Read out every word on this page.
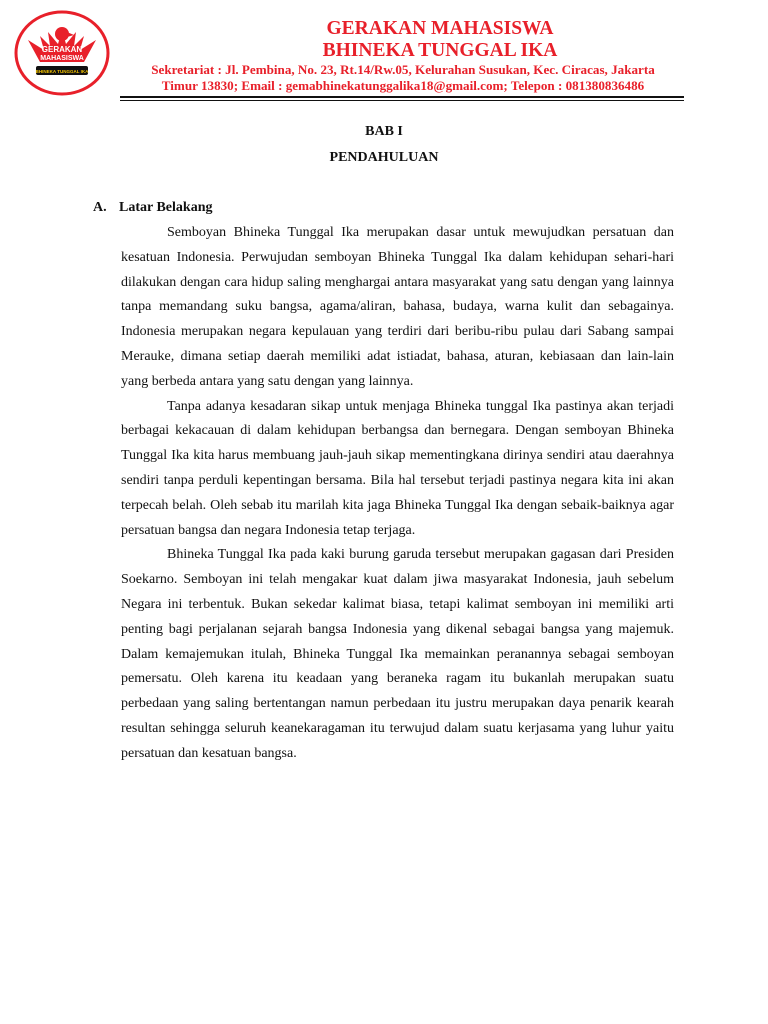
GERAKAN
MAHASISWA
BHINEKA TUNGGAL IKA
GERAKAN MAHASISWA
BHINEKA TUNGGAL IKA
Sekretariat : Jl. Pembina, No. 23, Rt.14/Rw.05, Kelurahan Susukan, Kec. Ciracas, Jakarta
Timur 13830; Email : gemabhinekatunggalika18@gmail.com; Telepon : 081380836486
BAB I
PENDAHULUAN
A. Latar Belakang

Semboyan Bhineka Tunggal Ika merupakan dasar untuk mewujudkan persatuan dan kesatuan Indonesia. Perwujudan semboyan Bhineka Tunggal Ika dalam kehidupan sehari-hari dilakukan dengan cara hidup saling menghargai antara masyarakat yang satu dengan yang lainnya tanpa memandang suku bangsa, agama/aliran, bahasa, budaya, warna kulit dan sebagainya. Indonesia merupakan negara kepulauan yang terdiri dari beribu-ribu pulau dari Sabang sampai Merauke, dimana setiap daerah memiliki adat istiadat, bahasa, aturan, kebiasaan dan lain-lain yang berbeda antara yang satu dengan yang lainnya.

Tanpa adanya kesadaran sikap untuk menjaga Bhineka tunggal Ika pastinya akan terjadi berbagai kekacauan di dalam kehidupan berbangsa dan bernegara. Dengan semboyan Bhineka Tunggal Ika kita harus membuang jauh-jauh sikap mementingkana dirinya sendiri atau daerahnya sendiri tanpa perduli kepentingan bersama. Bila hal tersebut terjadi pastinya negara kita ini akan terpecah belah. Oleh sebab itu marilah kita jaga Bhineka Tunggal Ika dengan sebaik-baiknya agar persatuan bangsa dan negara Indonesia tetap terjaga.

Bhineka Tunggal Ika pada kaki burung garuda tersebut merupakan gagasan dari Presiden Soekarno. Semboyan ini telah mengakar kuat dalam jiwa masyarakat Indonesia, jauh sebelum Negara ini terbentuk. Bukan sekedar kalimat biasa, tetapi kalimat semboyan ini memiliki arti penting bagi perjalanan sejarah bangsa Indonesia yang dikenal sebagai bangsa yang majemuk. Dalam kemajemukan itulah, Bhineka Tunggal Ika memainkan peranannya sebagai semboyan pemersatu. Oleh karena itu keadaan yang beraneka ragam itu bukanlah merupakan suatu perbedaan yang saling bertentangan namun perbedaan itu justru merupakan daya penarik kearah resultan sehingga seluruh keanekaragaman itu terwujud dalam suatu kerjasama yang luhur yaitu persatuan dan kesatuan bangsa.
